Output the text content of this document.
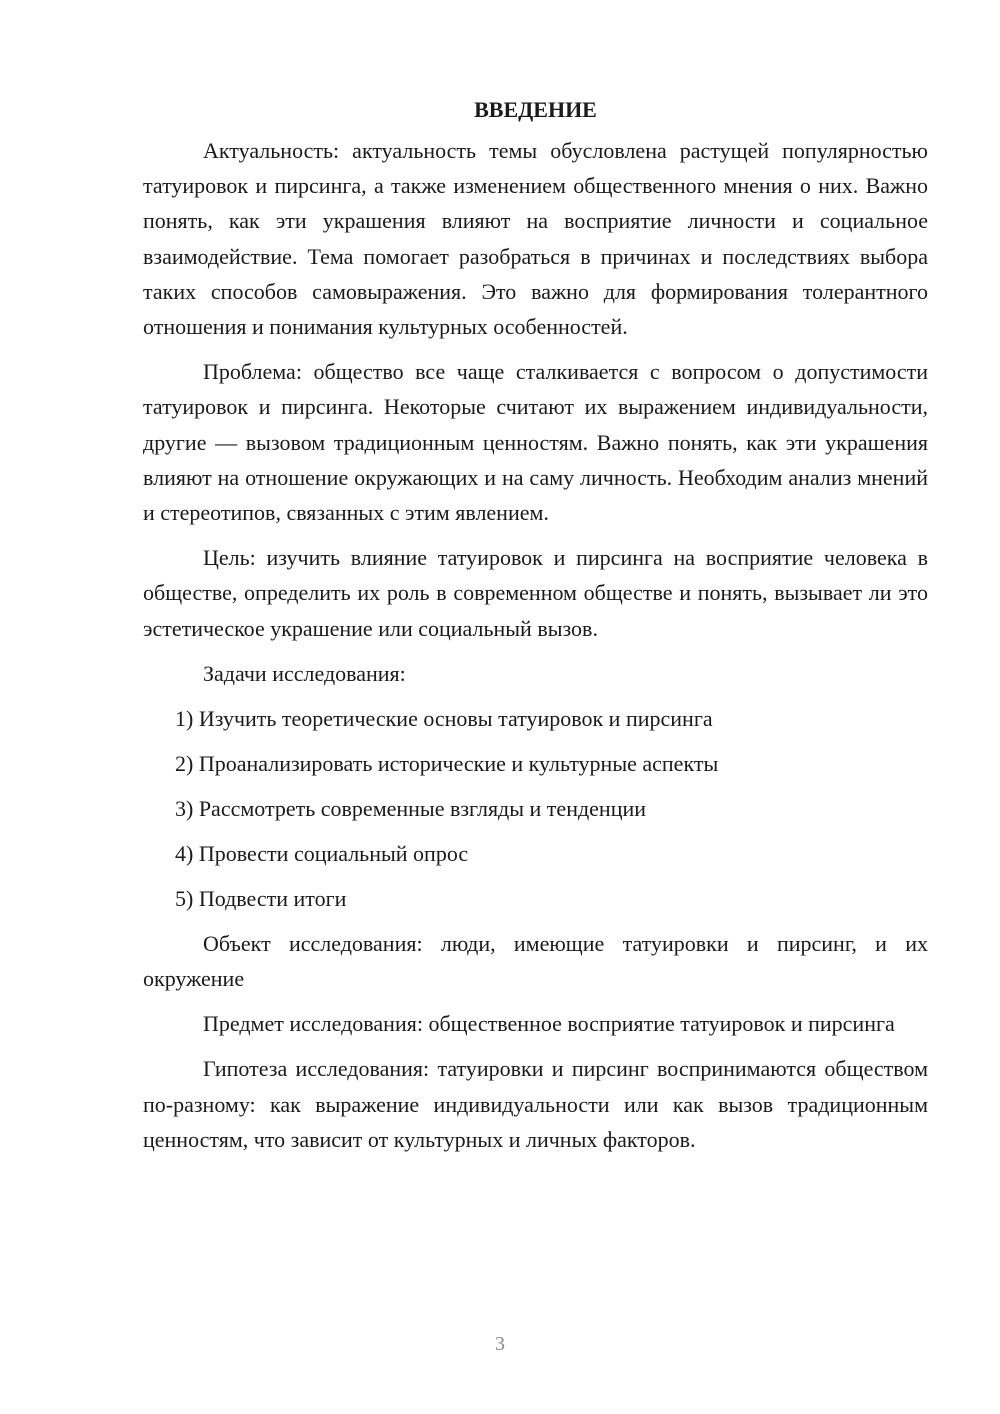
ВВЕДЕНИЕ

Актуальность: актуальность темы обусловлена растущей популярностью татуировок и пирсинга, а также изменением общественного мнения о них. Важно понять, как эти украшения влияют на восприятие личности и социальное взаимодействие. Тема помогает разобраться в причинах и последствиях выбора таких способов самовыражения. Это важно для формирования толерантного отношения и понимания культурных особенностей.

Проблема: общество все чаще сталкивается с вопросом о допустимости татуировок и пирсинга. Некоторые считают их выражением индивидуальности, другие — вызовом традиционным ценностям. Важно понять, как эти украшения влияют на отношение окружающих и на саму личность. Необходим анализ мнений и стереотипов, связанных с этим явлением.

Цель: изучить влияние татуировок и пирсинга на восприятие человека в обществе, определить их роль в современном обществе и понять, вызывает ли это эстетическое украшение или социальный вызов.

Задачи исследования:

1) Изучить теоретические основы татуировок и пирсинга
2) Проанализировать исторические и культурные аспекты
3) Рассмотреть современные взгляды и тенденции
4) Провести социальный опрос
5) Подвести итоги

Объект исследования: люди, имеющие татуировки и пирсинг, и их окружение

Предмет исследования: общественное восприятие татуировок и пирсинга

Гипотеза исследования: татуировки и пирсинг воспринимаются обществом по-разному: как выражение индивидуальности или как вызов традиционным ценностям, что зависит от культурных и личных факторов.

3
